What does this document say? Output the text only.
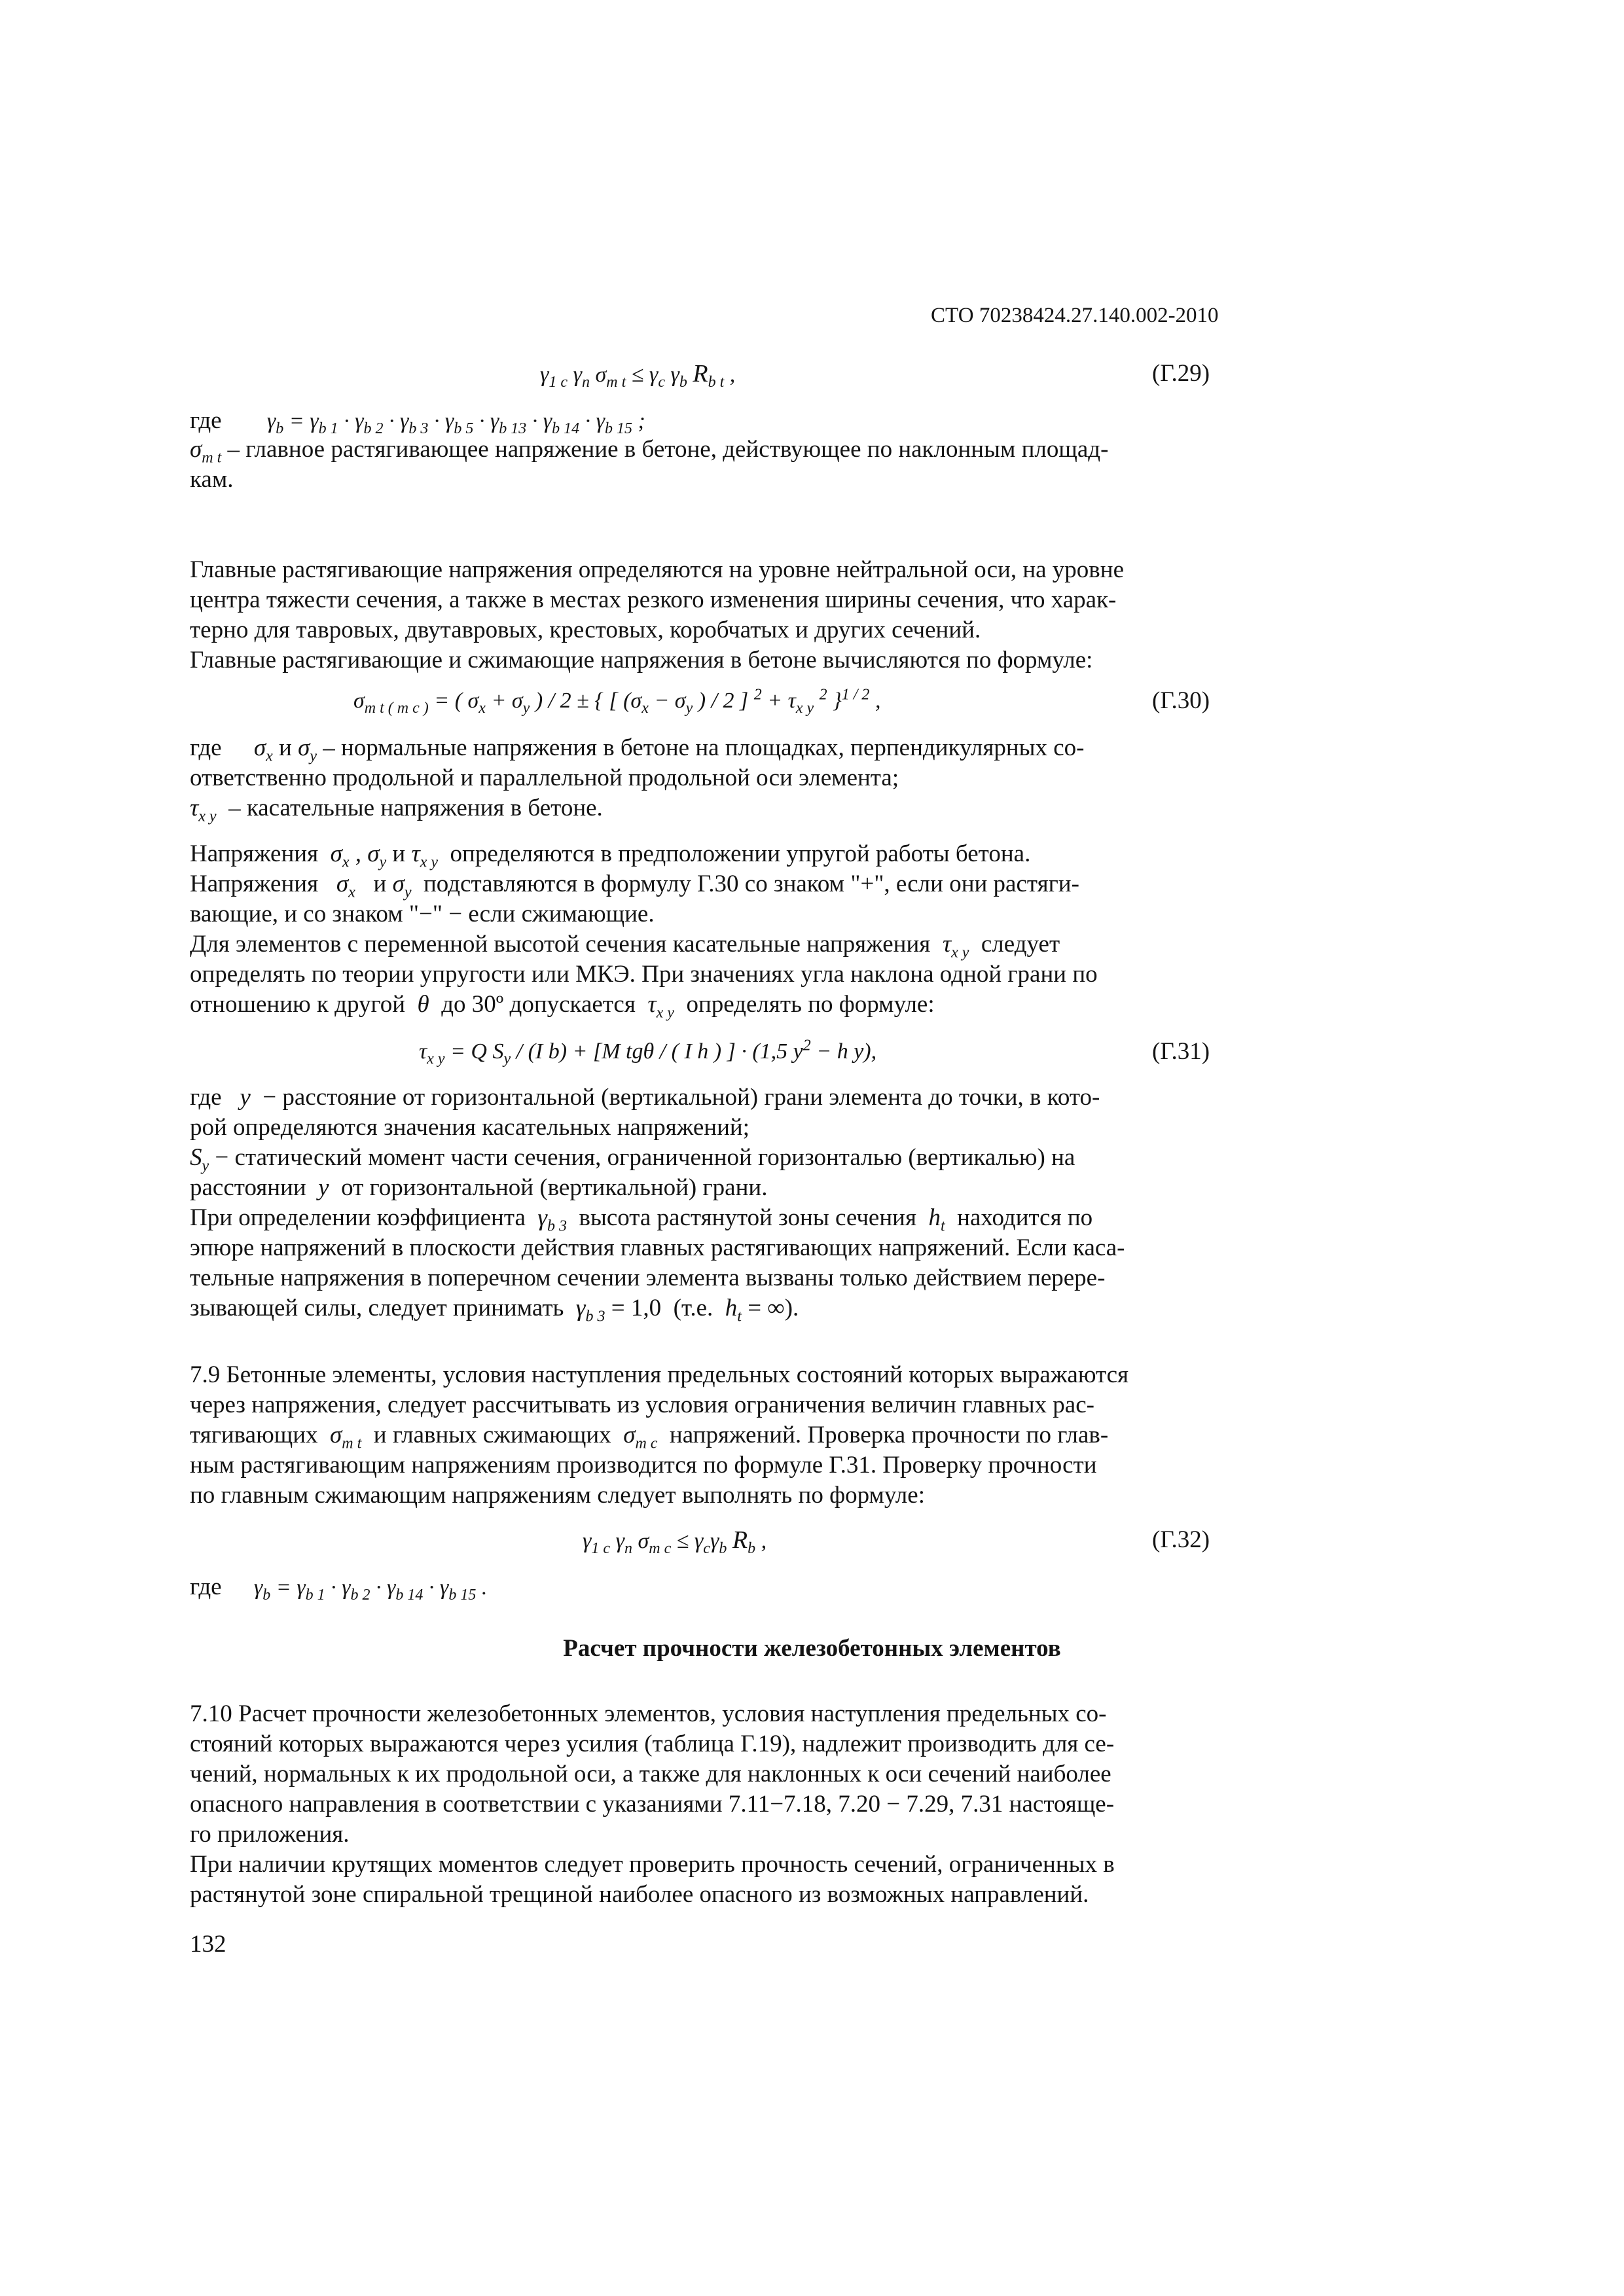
СТО 70238424.27.140.002-2010
$\gamma_{1 c}$ $\gamma_n$ $\sigma_{m t} \le \gamma_c$ $\gamma_b$ $R_{b t}$ ,	(Г.29)
где $\gamma_b = \gamma_{b 1} \cdot \gamma_{b 2} \cdot \gamma_{b 3} \cdot \gamma_{b 5} \cdot \gamma_{b 13} \cdot \gamma_{b 14} \cdot \gamma_{b 15}$ ;
$\sigma_{m t}$ – главное растягивающее напряжение в бетоне, действующее по наклонным площад-
кам.
Главные растягивающие напряжения определяются на уровне нейтральной оси, на уровне
центра тяжести сечения, а также в местах резкого изменения ширины сечения, что харак-
терно для тавровых, двутавровых, крестовых, коробчатых и других сечений.
Главные растягивающие и сжимающие напряжения в бетоне вычисляются по формуле:
$\sigma_{m t ( m c )}$ = ( $\sigma_x + \sigma_y$ ) / 2 ± { [ ($\sigma_x - \sigma_y$ ) / 2 ] $^2 + \tau_{x y}$ $^2$ }$^{1 / 2}$ ,	(Г.30)
где $\sigma_x$ и $\sigma_y$ – нормальные напряжения в бетоне на площадках, перпендикулярных со-
ответственно продольной и параллельной продольной оси элемента;
$\tau_{x y}$ – касательные напряжения в бетоне.
Напряжения  $\sigma_x$ , $\sigma_y$ и $\tau_{x y}$ определяются в предположении упругой работы бетона.
Напряжения   $\sigma_x$   и $\sigma_y$ подставляются в формулу Г.30 со знаком "+", если они растяги-
вающие, и со знаком "−" − если сжимающие.
Для элементов с переменной высотой сечения касательные напряжения  $\tau_{x y}$ следует
определять по теории упругости или МКЭ. При значениях угла наклона одной грани по
отношению к другой  θ  до 30º допускается  $\tau_{x y}$ определять по формуле:
$\tau_{x y} = Q$ $S_y / (I$ b) + [M tgθ / ( I h ) ] · (1,5 $y^2 - h$ y),	(Г.31)
где   y  − расстояние от горизонтальной (вертикальной) грани элемента до точки, в кото-
рой определяются значения касательных напряжений;
$S_y$ − статический момент части сечения, ограниченной горизонталью (вертикалью) на
расстоянии  y  от горизонтальной (вертикальной) грани.
При определении коэффициента  $\gamma_{b 3}$ высота растянутой зоны сечения  $h_t$ находится по
эпюре напряжений в плоскости действия главных растягивающих напряжений. Если каса-
тельные напряжения в поперечном сечении элемента вызваны только действием перере-
зывающей силы, следует принимать  $\gamma_{b 3} = 1,0$  (т.е.  $h_t$ = ∞).
7.9 Бетонные элементы, условия наступления предельных состояний которых выражаются
через напряжения, следует рассчитывать из условия ограничения величин главных рас-
тягивающих  $\sigma_{m t}$ и главных сжимающих  $\sigma_{m c}$ напряжений. Проверка прочности по глав-
ным растягивающим напряжениям производится по формуле Г.31. Проверку прочности
по главным сжимающим напряжениям следует выполнять по формуле:
$\gamma_{1 c}$ $\gamma_n$ $\sigma_{m c} \le \gamma_c\gamma_b$ $R_b$ ,	(Г.32)
где $\gamma_b = \gamma_{b 1} \cdot \gamma_{b 2} \cdot \gamma_{b 14} \cdot \gamma_{b 15}$ .
Расчет прочности железобетонных элементов
7.10 Расчет прочности железобетонных элементов, условия наступления предельных со-
стояний которых выражаются через усилия (таблица Г.19), надлежит производить для се-
чений, нормальных к их продольной оси, а также для наклонных к оси сечений наиболее
опасного направления в соответствии с указаниями 7.11−7.18, 7.20 − 7.29, 7.31 настояще-
го приложения.
При наличии крутящих моментов следует проверить прочность сечений, ограниченных в
растянутой зоне спиральной трещиной наиболее опасного из возможных направлений.
132
